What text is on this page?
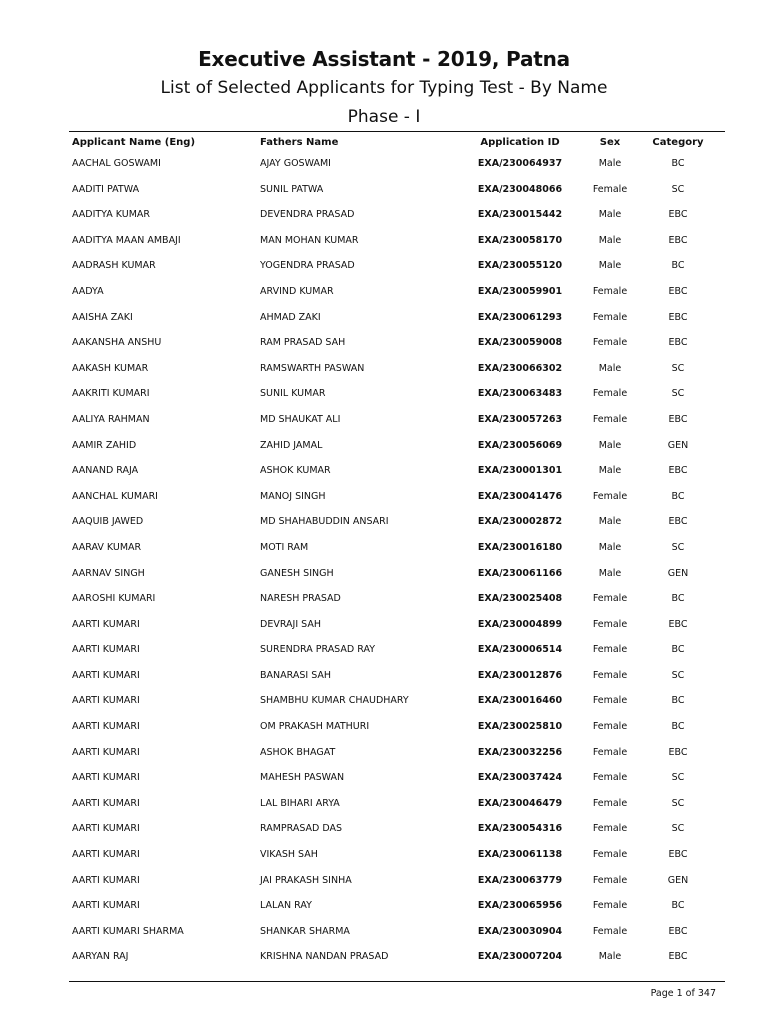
Executive Assistant - 2019, Patna
List of Selected Applicants for Typing Test - By Name
Phase - I
Applicant Name (Eng)	Fathers Name	Application ID	Sex	Category
AACHAL GOSWAMI	AJAY GOSWAMI	EXA/230064937	Male	BC
AADITI PATWA	SUNIL PATWA	EXA/230048066	Female	SC
AADITYA KUMAR	DEVENDRA PRASAD	EXA/230015442	Male	EBC
AADITYA MAAN AMBAJI	MAN MOHAN KUMAR	EXA/230058170	Male	EBC
AADRASH KUMAR	YOGENDRA PRASAD	EXA/230055120	Male	BC
AADYA	ARVIND KUMAR	EXA/230059901	Female	EBC
AAISHA ZAKI	AHMAD ZAKI	EXA/230061293	Female	EBC
AAKANSHA ANSHU	RAM PRASAD SAH	EXA/230059008	Female	EBC
AAKASH KUMAR	RAMSWARTH PASWAN	EXA/230066302	Male	SC
AAKRITI KUMARI	SUNIL KUMAR	EXA/230063483	Female	SC
AALIYA RAHMAN	MD SHAUKAT ALI	EXA/230057263	Female	EBC
AAMIR ZAHID	ZAHID JAMAL	EXA/230056069	Male	GEN
AANAND RAJA	ASHOK KUMAR	EXA/230001301	Male	EBC
AANCHAL KUMARI	MANOJ SINGH	EXA/230041476	Female	BC
AAQUIB JAWED	MD SHAHABUDDIN ANSARI	EXA/230002872	Male	EBC
AARAV KUMAR	MOTI RAM	EXA/230016180	Male	SC
AARNAV SINGH	GANESH SINGH	EXA/230061166	Male	GEN
AAROSHI KUMARI	NARESH PRASAD	EXA/230025408	Female	BC
AARTI KUMARI	DEVRAJI SAH	EXA/230004899	Female	EBC
AARTI KUMARI	SURENDRA PRASAD RAY	EXA/230006514	Female	BC
AARTI KUMARI	BANARASI SAH	EXA/230012876	Female	SC
AARTI KUMARI	SHAMBHU KUMAR CHAUDHARY	EXA/230016460	Female	BC
AARTI KUMARI	OM PRAKASH MATHURI	EXA/230025810	Female	BC
AARTI KUMARI	ASHOK BHAGAT	EXA/230032256	Female	EBC
AARTI KUMARI	MAHESH PASWAN	EXA/230037424	Female	SC
AARTI KUMARI	LAL BIHARI ARYA	EXA/230046479	Female	SC
AARTI KUMARI	RAMPRASAD DAS	EXA/230054316	Female	SC
AARTI KUMARI	VIKASH SAH	EXA/230061138	Female	EBC
AARTI KUMARI	JAI PRAKASH SINHA	EXA/230063779	Female	GEN
AARTI KUMARI	LALAN RAY	EXA/230065956	Female	BC
AARTI KUMARI SHARMA	SHANKAR SHARMA	EXA/230030904	Female	EBC
AARYAN RAJ	KRISHNA NANDAN PRASAD	EXA/230007204	Male	EBC
Page 1 of 347
